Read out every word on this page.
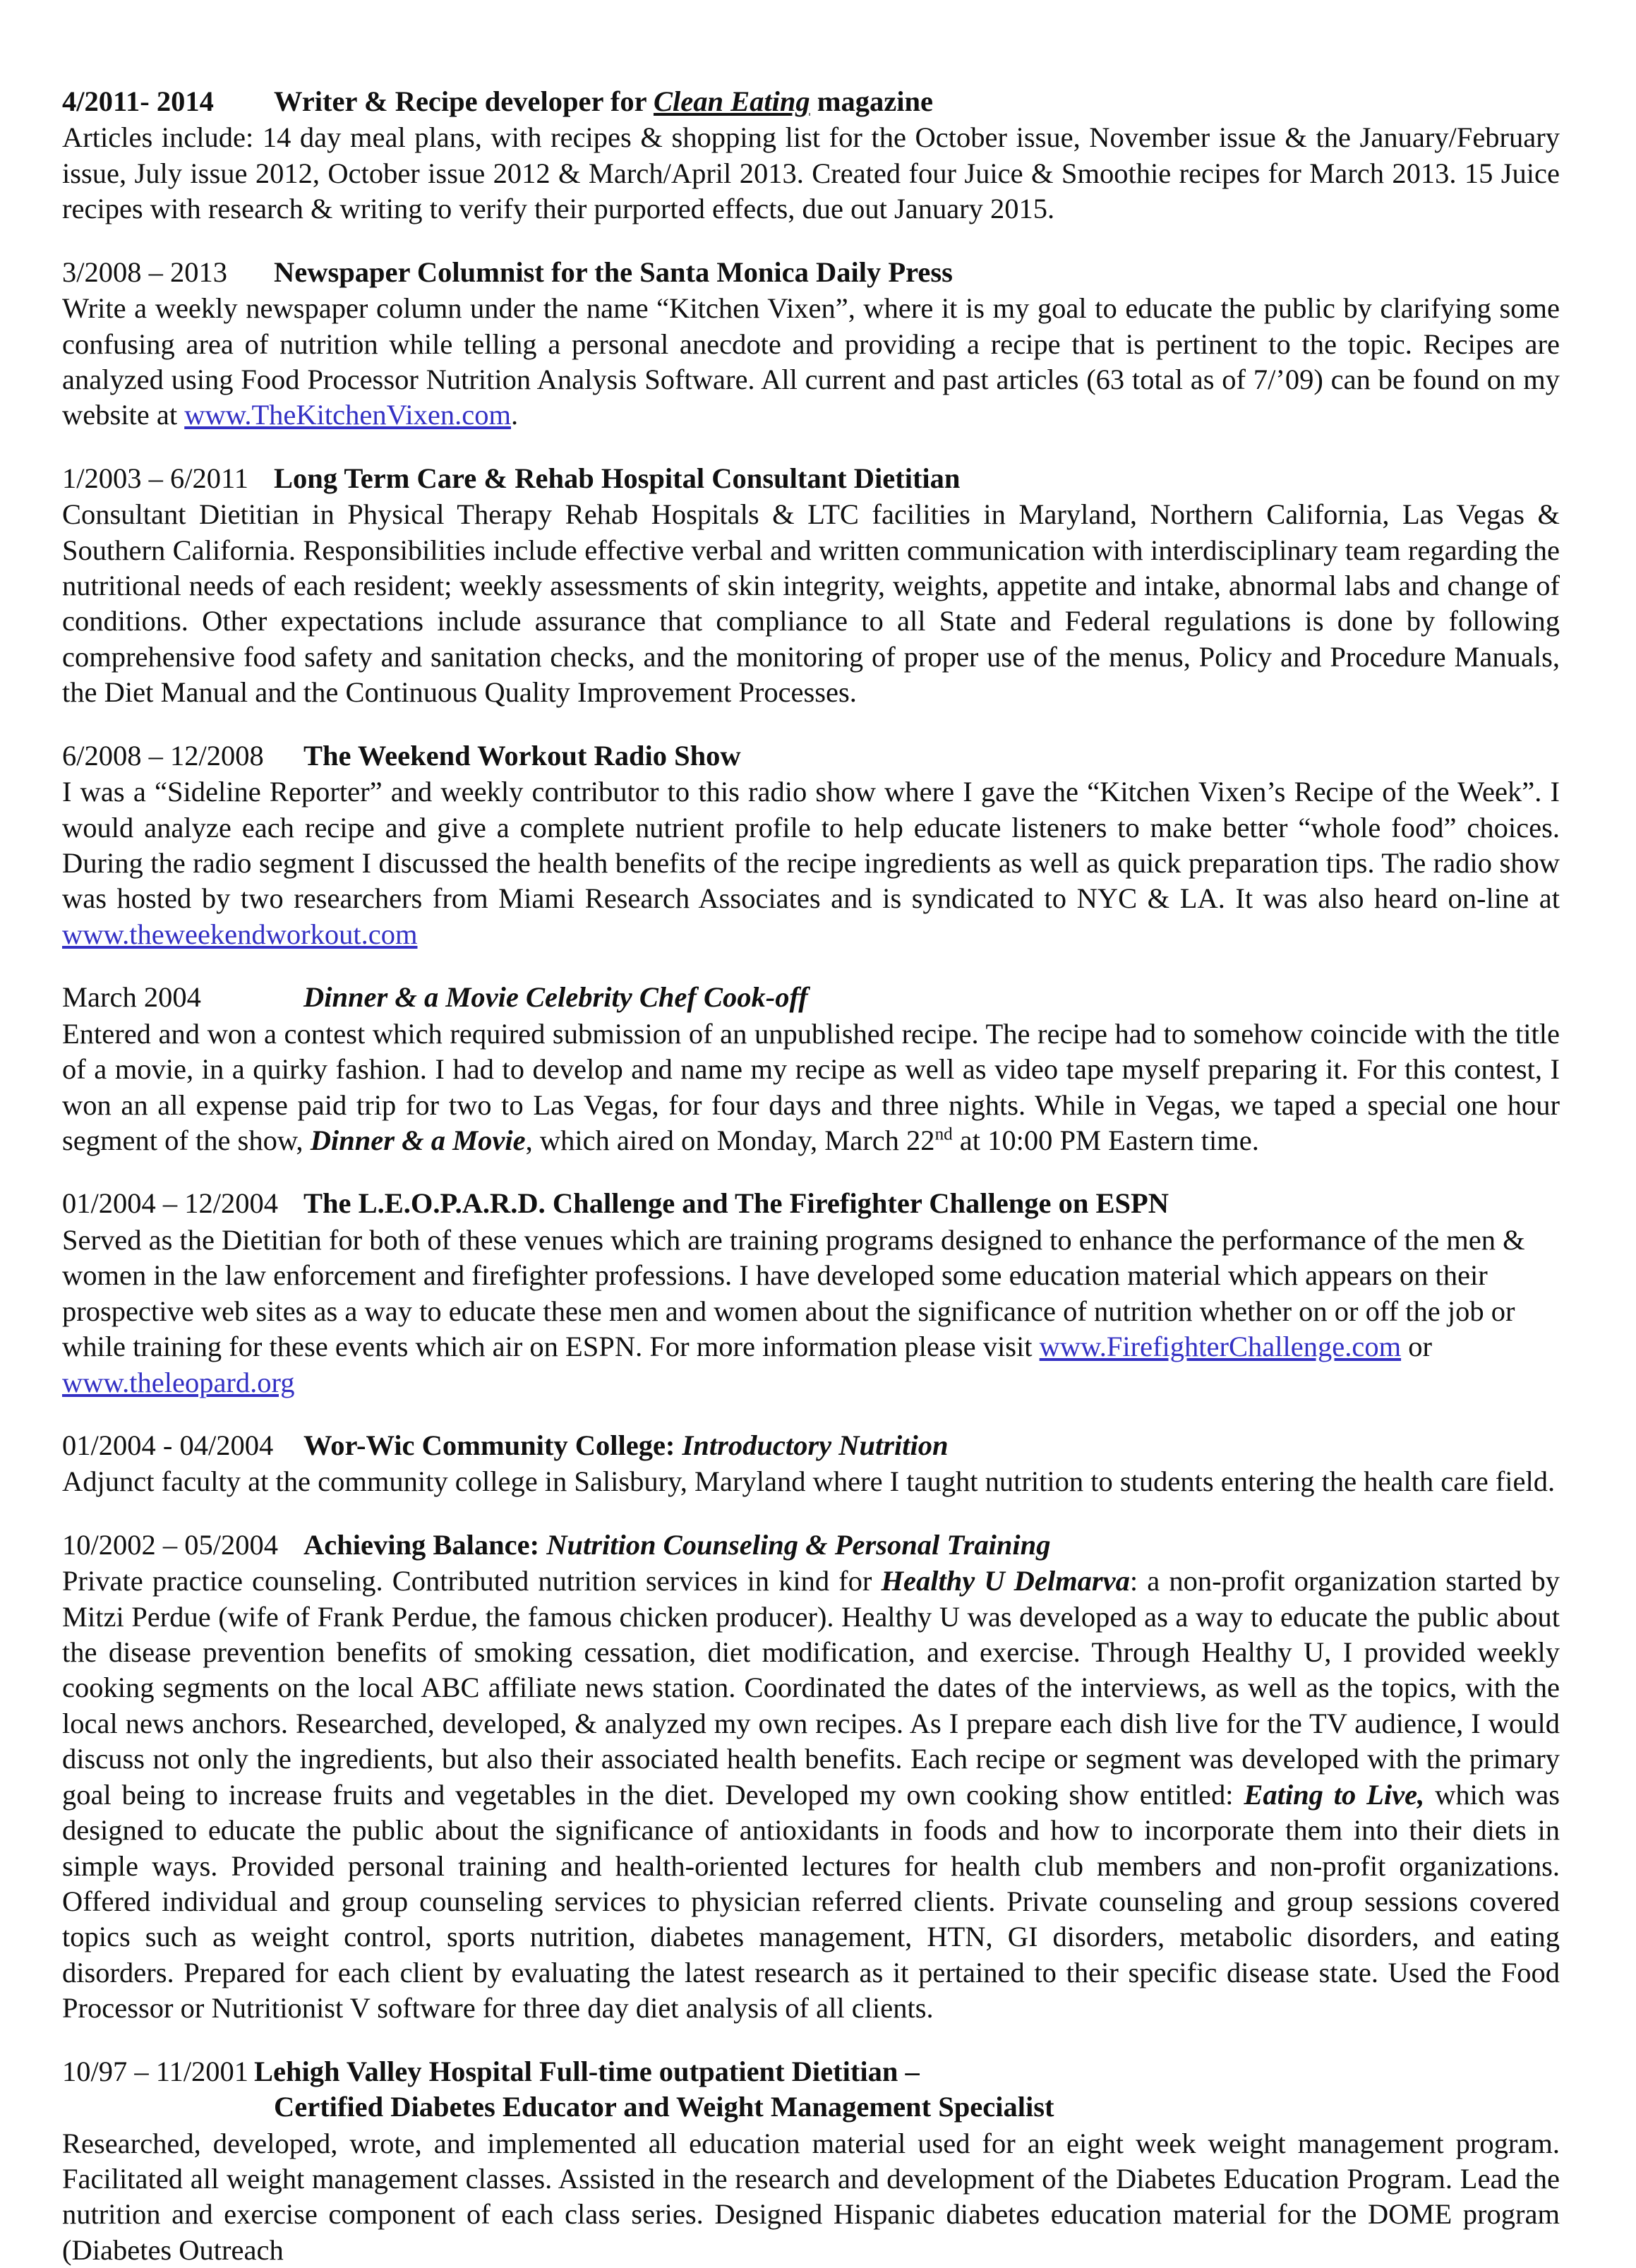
4/2011- 2014 Writer & Recipe developer for Clean Eating magazine

Articles include: 14 day meal plans, with recipes & shopping list for the October issue, November issue & the January/February issue, July issue 2012, October issue 2012 & March/April 2013. Created four Juice & Smoothie recipes for March 2013. 15 Juice recipes with research & writing to verify their purported effects, due out January 2015.

3/2008 – 2013 Newspaper Columnist for the Santa Monica Daily Press

Write a weekly newspaper column under the name “Kitchen Vixen”, where it is my goal to educate the public by clarifying some confusing area of nutrition while telling a personal anecdote and providing a recipe that is pertinent to the topic. Recipes are analyzed using Food Processor Nutrition Analysis Software. All current and past articles (63 total as of 7/’09) can be found on my website at www.TheKitchenVixen.com.

1/2003 – 6/2011 Long Term Care & Rehab Hospital Consultant Dietitian

Consultant Dietitian in Physical Therapy Rehab Hospitals & LTC facilities in Maryland, Northern California, Las Vegas & Southern California. Responsibilities include effective verbal and written communication with interdisciplinary team regarding the nutritional needs of each resident; weekly assessments of skin integrity, weights, appetite and intake, abnormal labs and change of conditions. Other expectations include assurance that compliance to all State and Federal regulations is done by following comprehensive food safety and sanitation checks, and the monitoring of proper use of the menus, Policy and Procedure Manuals, the Diet Manual and the Continuous Quality Improvement Processes.

6/2008 – 12/2008 The Weekend Workout Radio Show

I was a “Sideline Reporter” and weekly contributor to this radio show where I gave the “Kitchen Vixen’s Recipe of the Week”. I would analyze each recipe and give a complete nutrient profile to help educate listeners to make better “whole food” choices. During the radio segment I discussed the health benefits of the recipe ingredients as well as quick preparation tips. The radio show was hosted by two researchers from Miami Research Associates and is syndicated to NYC & LA. It was also heard on-line at www.theweekendworkout.com

March 2004	Dinner & a Movie Celebrity Chef Cook-off

Entered and won a contest which required submission of an unpublished recipe. The recipe had to somehow coincide with the title of a movie, in a quirky fashion. I had to develop and name my recipe as well as video tape myself preparing it. For this contest, I won an all expense paid trip for two to Las Vegas, for four days and three nights. While in Vegas, we taped a special one hour segment of the show, Dinner & a Movie, which aired on Monday, March 22nd at 10:00 PM Eastern time.

01/2004 – 12/2004 The L.E.O.P.A.R.D. Challenge and The Firefighter Challenge on ESPN

Served as the Dietitian for both of these venues which are training programs designed to enhance the performance of the men & women in the law enforcement and firefighter professions. I have developed some education material which appears on their prospective web sites as a way to educate these men and women about the significance of nutrition whether on or off the job or while training for these events which air on ESPN. For more information please visit www.FirefighterChallenge.com or www.theleopard.org

01/2004 - 04/2004 Wor-Wic Community College: Introductory Nutrition

Adjunct faculty at the community college in Salisbury, Maryland where I taught nutrition to students entering the health care field.

10/2002 – 05/2004 Achieving Balance: Nutrition Counseling & Personal Training

Private practice counseling. Contributed nutrition services in kind for Healthy U Delmarva: a non-profit organization started by Mitzi Perdue (wife of Frank Perdue, the famous chicken producer). Healthy U was developed as a way to educate the public about the disease prevention benefits of smoking cessation, diet modification, and exercise. Through Healthy U, I provided weekly cooking segments on the local ABC affiliate news station. Coordinated the dates of the interviews, as well as the topics, with the local news anchors. Researched, developed, & analyzed my own recipes. As I prepare each dish live for the TV audience, I would discuss not only the ingredients, but also their associated health benefits. Each recipe or segment was developed with the primary goal being to increase fruits and vegetables in the diet. Developed my own cooking show entitled: Eating to Live, which was designed to educate the public about the significance of antioxidants in foods and how to incorporate them into their diets in simple ways. Provided personal training and health-oriented lectures for health club members and non-profit organizations. Offered individual and group counseling services to physician referred clients. Private counseling and group sessions covered topics such as weight control, sports nutrition, diabetes management, HTN, GI disorders, metabolic disorders, and eating disorders. Prepared for each client by evaluating the latest research as it pertained to their specific disease state. Used the Food Processor or Nutritionist V software for three day diet analysis of all clients.

10/97 – 11/2001 Lehigh Valley Hospital Full-time outpatient Dietitian –
Certified Diabetes Educator and Weight Management Specialist

Researched, developed, wrote, and implemented all education material used for an eight week weight management program. Facilitated all weight management classes. Assisted in the research and development of the Diabetes Education Program. Lead the nutrition and exercise component of each class series. Designed Hispanic diabetes education material for the DOME program (Diabetes Outreach
